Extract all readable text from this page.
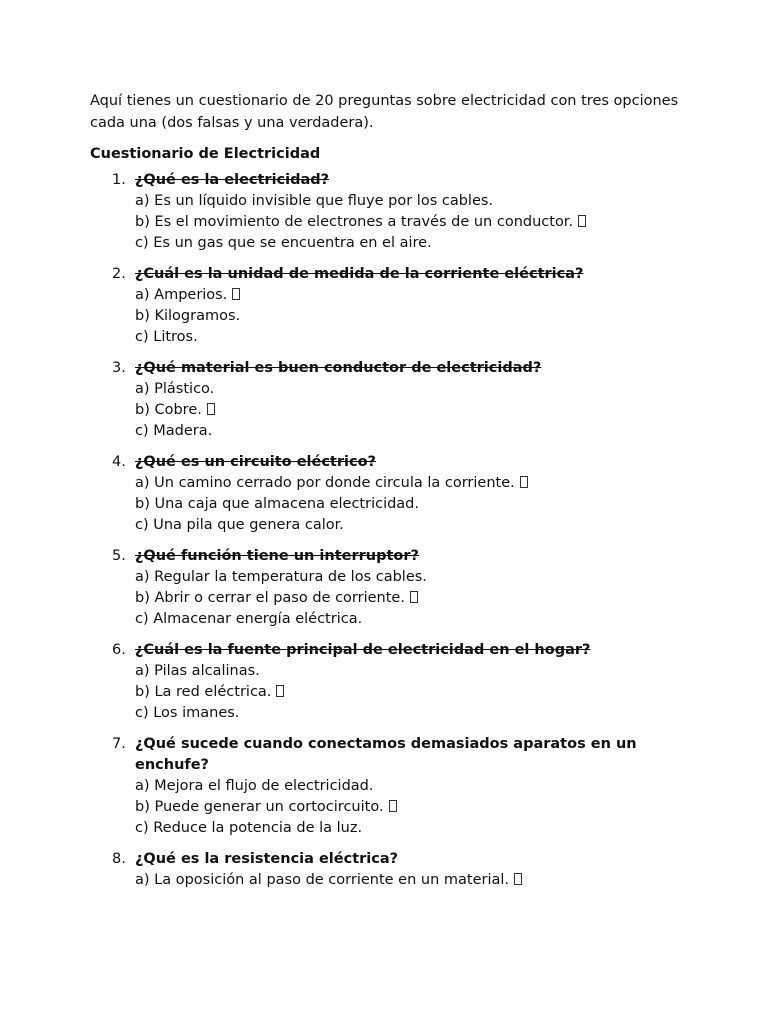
Aquí tienes un cuestionario de 20 preguntas sobre electricidad con tres opciones cada una (dos falsas y una verdadera).

Cuestionario de Electricidad
1. ¿Qué es la electricidad?
a) Es un líquido invisible que fluye por los cables.
b) Es el movimiento de electrones a través de un conductor.
c) Es un gas que se encuentra en el aire.
2. ¿Cuál es la unidad de medida de la corriente eléctrica?
a) Amperios.
b) Kilogramos.
c) Litros.
3. ¿Qué material es buen conductor de electricidad?
a) Plástico.
b) Cobre.
c) Madera.
4. ¿Qué es un circuito eléctrico?
a) Un camino cerrado por donde circula la corriente.
b) Una caja que almacena electricidad.
c) Una pila que genera calor.
5. ¿Qué función tiene un interruptor?
a) Regular la temperatura de los cables.
b) Abrir o cerrar el paso de corriente.
c) Almacenar energía eléctrica.
6. ¿Cuál es la fuente principal de electricidad en el hogar?
a) Pilas alcalinas.
b) La red eléctrica.
c) Los imanes.
7. ¿Qué sucede cuando conectamos demasiados aparatos en un enchufe?
a) Mejora el flujo de electricidad.
b) Puede generar un cortocircuito.
c) Reduce la potencia de la luz.
8. ¿Qué es la resistencia eléctrica?
a) La oposición al paso de corriente en un material.
